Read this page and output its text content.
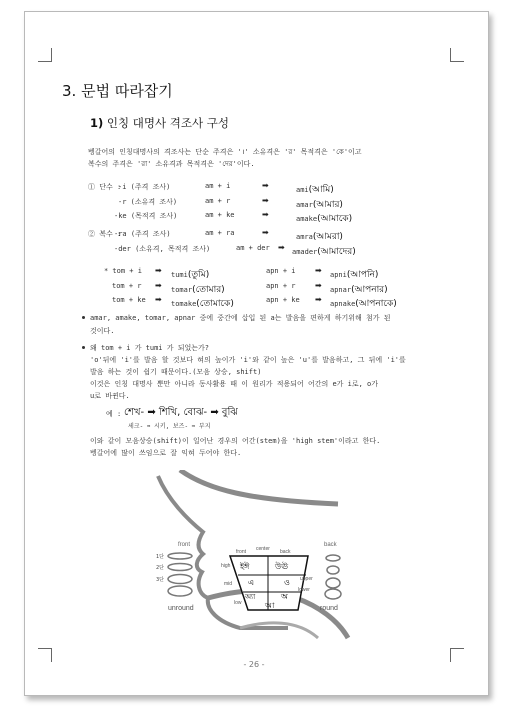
3. 문법 따라잡기
1) 인칭 대명사 격조사 구성
벵갈어의 인칭대명사의 격조사는 단순 주격은 '।' 소유격은 'র' 목적격은 'কে'이고
복수의 주격은 'রা' 소유격과 목적격은 'দের'이다.
① 단수 :
-i (주격 조사)	am + i	➡	ami(আমি)
-r (소유격 조사)	am + r	➡	amar(আমার)
-ke (목적격 조사)	am + ke	➡	amake(আমাকে)
② 복수 :
-ra (주격 조사)	am + ra	➡	amra(আমরা)
-der (소유격, 목적격 조사)	am + der ➡ amader(আমাদের)
* tom + i ➡ tumi(তুমি)	apn + i ➡ apni(আপনি)
tom + r ➡ tomar(তোমার)	apn + r ➡ apnar(আপনার)
tom + ke ➡ tomake(তোমাকে)	apn + ke ➡ apnake(আপনাকে)
amar, amake, tomar, apnar 중에 중간에 삽입 된 a는 발음을 편하게 하기위해 첨가 된
것이다.
왜 tom + i 가 tumi 가 되었는가?
'o'뒤에 'i'를 발음 할 것보다 혀의 높이가 'i'와 같이 높은 'u'를 발음하고, 그 뒤에 'i'를
발음 하는 것이 쉽기 때문이다.(모음 상승, shift)
이것은 인칭 대명사 뿐만 아니라 동사활용 때 이 원리가 적용되어 어간의 e가 i로, o가
u로 바뀐다.
예 : শেখ- ➡ শিখি, বোঝ- ➡ বুঝি
세크- ➡ 시키, 보즈- ➡ 부지
이와 같이 모음상승(shift)이 일어난 경우의 어간(stem)을 'high stem'이라고 한다.
벵갈어에 많이 쓰임으로 잘 익혀 두어야 한다.
front	back
front center back
high
mid
low
upper
lower
1단
2단
3단
unround	round
ইঈ	উঊ
এ	ও
অ্যা	অ
আ
- 26 -
